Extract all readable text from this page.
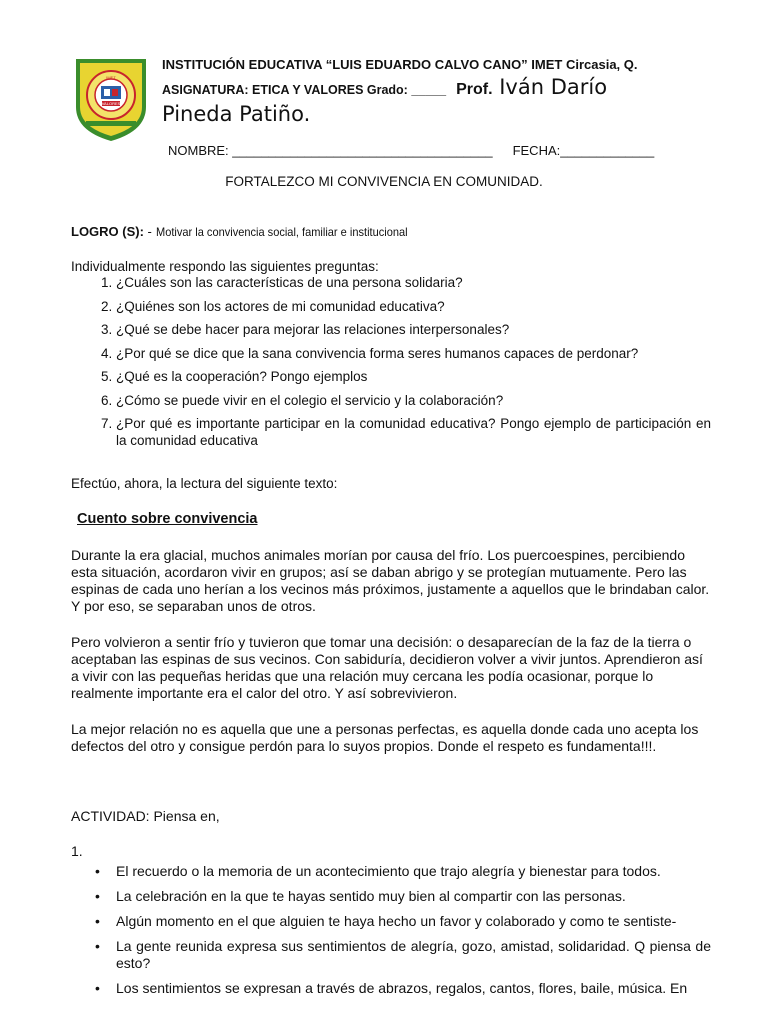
VALORES
IMET
INSTITUCIÓN EDUCATIVA “LUIS EDUARDO CALVO CANO” IMET Circasia, Q.
ASIGNATURA: ETICA Y VALORES Grado: _____ Prof. Iván Darío
Pineda Patiño.
NOMBRE: ____________________________________ FECHA:_____________
FORTALEZCO MI CONVIVENCIA EN COMUNIDAD.
LOGRO (S): - Motivar la convivencia social, familiar e institucional
Individualmente respondo las siguientes preguntas:
1. ¿Cuáles son las características de una persona solidaria?
2. ¿Quiénes son los actores de mi comunidad educativa?
3. ¿Qué se debe hacer para mejorar las relaciones interpersonales?
4. ¿Por qué se dice que la sana convivencia forma seres humanos capaces de perdonar?
5. ¿Qué es la cooperación? Pongo ejemplos
6. ¿Cómo se puede vivir en el colegio el servicio y la colaboración?
7. ¿Por qué es importante participar en la comunidad educativa? Pongo ejemplo de participación en la comunidad educativa
Efectúo, ahora, la lectura del siguiente texto:
Cuento sobre convivencia
Durante la era glacial, muchos animales morían por causa del frío. Los puercoespines, percibiendo esta situación, acordaron vivir en grupos; así se daban abrigo y se protegían mutuamente. Pero las espinas de cada uno herían a los vecinos más próximos, justamente a aquellos que le brindaban calor. Y por eso, se separaban unos de otros.
Pero volvieron a sentir frío y tuvieron que tomar una decisión: o desaparecían de la faz de la tierra o aceptaban las espinas de sus vecinos. Con sabiduría, decidieron volver a vivir juntos. Aprendieron así a vivir con las pequeñas heridas que una relación muy cercana les podía ocasionar, porque lo realmente importante era el calor del otro. Y así sobrevivieron.
La mejor relación no es aquella que une a personas perfectas, es aquella donde cada uno acepta los defectos del otro y consigue perdón para lo suyos propios. Donde el respeto es fundamenta!!!.
ACTIVIDAD: Piensa en,
1.
• El recuerdo o la memoria de un acontecimiento que trajo alegría y bienestar para todos.
• La celebración en la que te hayas sentido muy bien al compartir con las personas.
• Algún momento en el que alguien te haya hecho un favor y colaborado y como te sentiste-
• La gente reunida expresa sus sentimientos de alegría, gozo, amistad, solidaridad. Q piensa de esto?
• Los sentimientos se expresan a través de abrazos, regalos, cantos, flores, baile, música. En
